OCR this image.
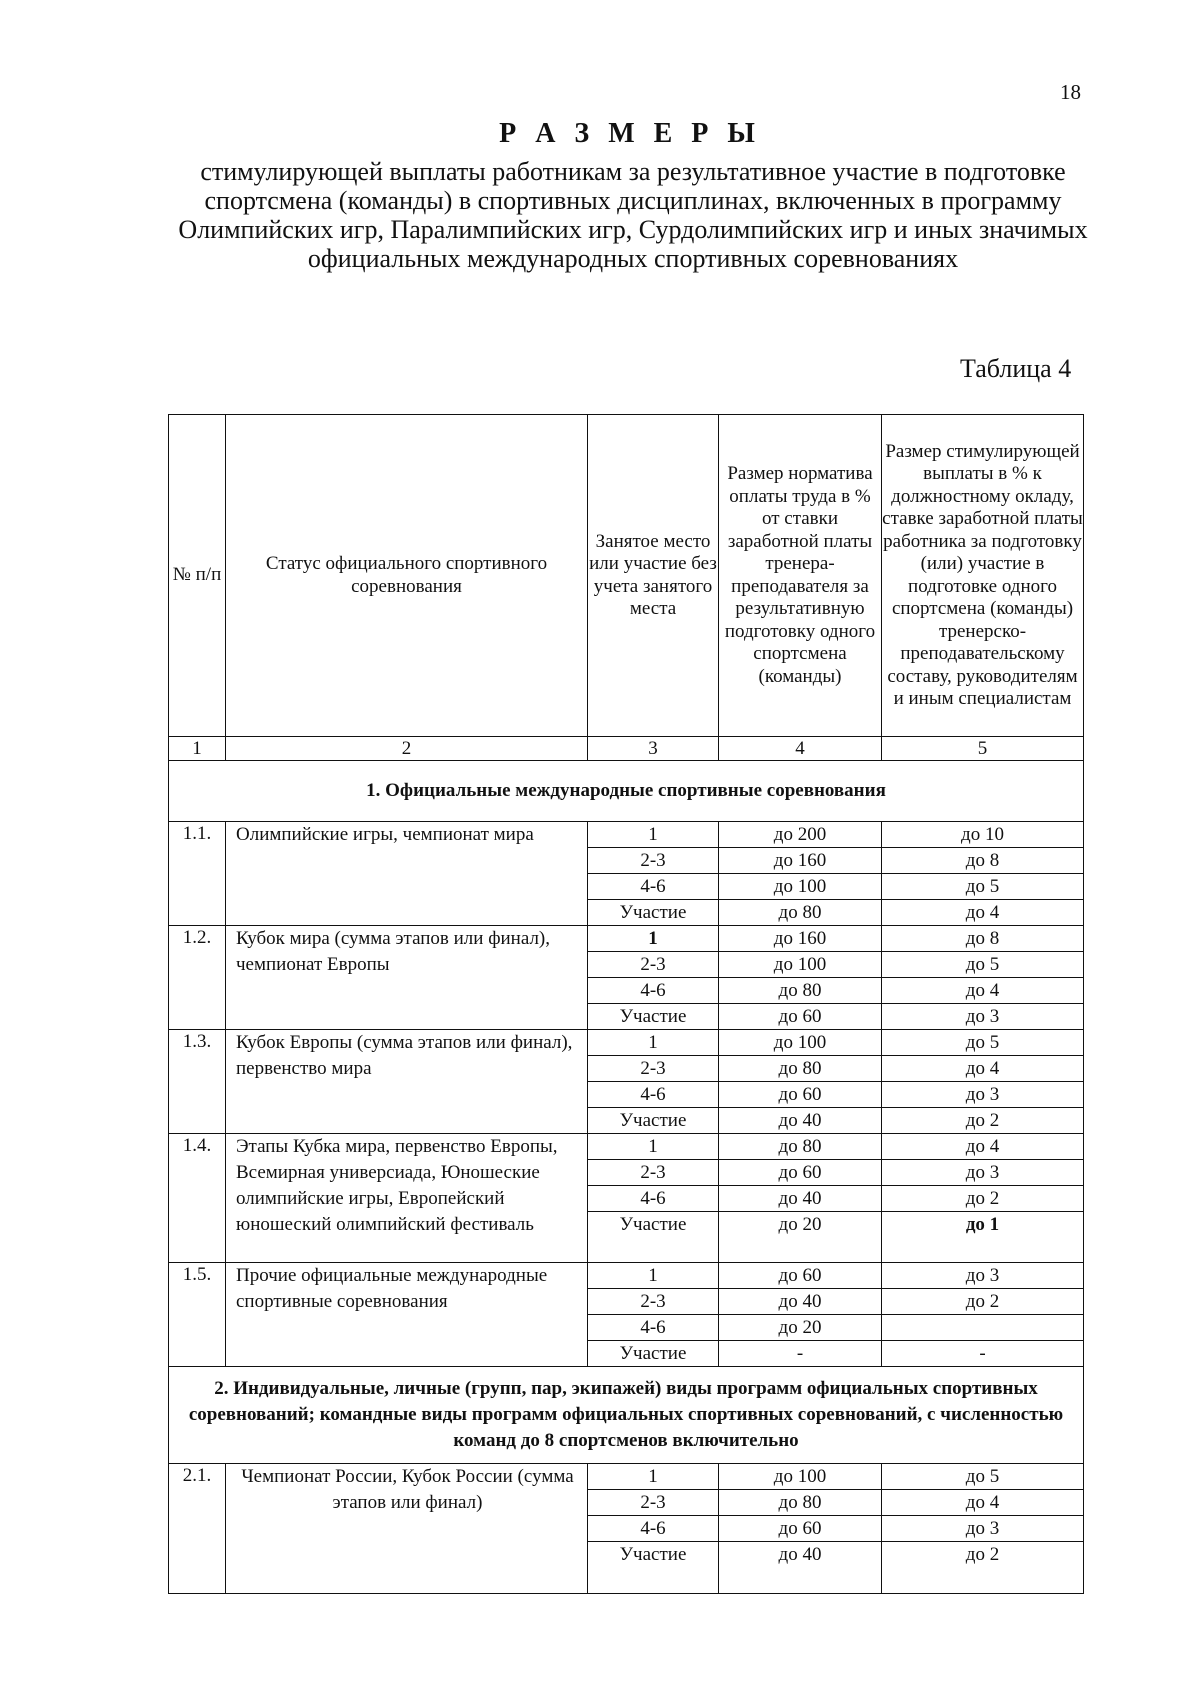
18
Р А З М Е Р Ы
стимулирующей выплаты работникам за результативное участие в подготовке спортсмена (команды) в спортивных дисциплинах, включенных в программу Олимпийских игр, Паралимпийских игр, Сурдолимпийских игр и иных значимых официальных международных спортивных соревнованиях
Таблица 4
№ п/п	Статус официального спортивного соревнования	Занятое место или участие без учета занятого места	Размер норматива оплаты труда в % от ставки заработной платы тренера-преподавателя за результативную подготовку одного спортсмена (команды)	Размер стимулирующей выплаты в % к должностному окладу, ставке заработной платы работника за подготовку (или) участие в подготовке одного спортсмена (команды) тренерско-преподавательскому составу, руководителям и иным специалистам
1	2	3	4	5
1. Официальные международные спортивные соревнования				
1.1.	Олимпийские игры, чемпионат мира	1	до 200	до 10
		2-3	до 160	до 8
		4-6	до 100	до 5
		Участие	до 80	до 4
1.2.	Кубок мира (сумма этапов или финал), чемпионат Европы	1	до 160	до 8
		2-3	до 100	до 5
		4-6	до 80	до 4
		Участие	до 60	до 3
1.3.	Кубок Европы (сумма этапов или финал), первенство мира	1	до 100	до 5
		2-3	до 80	до 4
		4-6	до 60	до 3
		Участие	до 40	до 2
1.4.	Этапы Кубка мира, первенство Европы, Всемирная универсиада, Юношеские олимпийские игры, Европейский юношеский олимпийский фестиваль	1	до 80	до 4
		2-3	до 60	до 3
		4-6	до 40	до 2
		Участие	до 20	до 1
1.5.	Прочие официальные международные спортивные соревнования	1	до 60	до 3
		2-3	до 40	до 2
		4-6	до 20	
		Участие	-	-
2. Индивидуальные, личные (групп, пар, экипажей) виды программ официальных спортивных соревнований; командные виды программ официальных спортивных соревнований, с численностью команд до 8 спортсменов включительно				
2.1.	Чемпионат России, Кубок России (сумма этапов или финал)	1	до 100	до 5
		2-3	до 80	до 4
		4-6	до 60	до 3
		Участие	до 40	до 2
